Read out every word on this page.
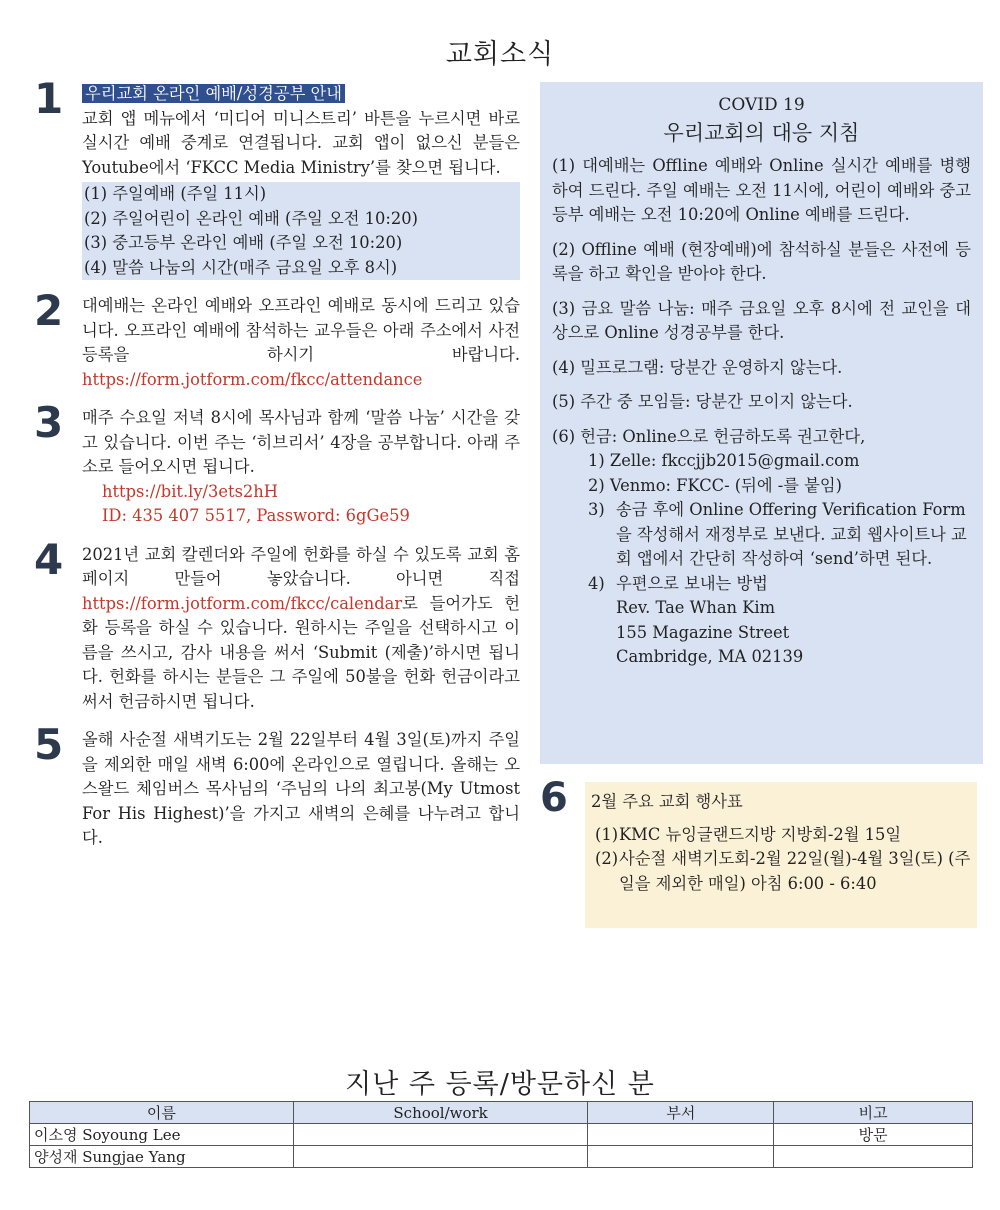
교회소식
1 우리교회 온라인 예배/성경공부 안내
교회 앱 메뉴에서 ‘미디어 미니스트리’ 바튼을 누르시면 바로 실시간 예배 중계로 연결됩니다. 교회 앱이 없으신 분들은 Youtube에서 ‘FKCC Media Ministry’를 찾으면 됩니다.
(1) 주일예배 (주일 11시)
(2) 주일어린이 온라인 예배 (주일 오전 10:20)
(3) 중고등부 온라인 예배 (주일 오전 10:20)
(4) 말씀 나눔의 시간(매주 금요일 오후 8시)
2 대예배는 온라인 예배와 오프라인 예배로 동시에 드리고 있습니다. 오프라인 예배에 참석하는 교우들은 아래 주소에서 사전 등록을 하시기 바랍니다. https://form.jotform.com/fkcc/attendance
3 매주 수요일 저녁 8시에 목사님과 함께 ‘말씀 나눔’ 시간을 갖고 있습니다. 이번 주는 ‘히브리서’ 4장을 공부합니다. 아래 주소로 들어오시면 됩니다.
https://bit.ly/3ets2hH
ID: 435 407 5517, Password: 6gGe59
4 2021년 교회 칼렌더와 주일에 헌화를 하실 수 있도록 교회 홈페이지 만들어 놓았습니다. 아니면 직접 https://form.jotform.com/fkcc/calendar로 들어가도 헌화 등록을 하실 수 있습니다. 원하시는 주일을 선택하시고 이름을 쓰시고, 감사 내용을 써서 ‘Submit (제출)’하시면 됩니다. 헌화를 하시는 분들은 그 주일에 50불을 헌화 헌금이라고 써서 헌금하시면 됩니다.
5 올해 사순절 새벽기도는 2월 22일부터 4월 3일(토)까지 주일을 제외한 매일 새벽 6:00에 온라인으로 열립니다. 올해는 오스왈드 체임버스 목사님의 ‘주님의 나의 최고봉(My Utmost For His Highest)’을 가지고 새벽의 은혜를 나누려고 합니다.
COVID 19
우리교회의 대응 지침

(1) 대예배는 Offline 예배와 Online 실시간 예배를 병행하여 드린다. 주일 예배는 오전 11시에, 어린이 예배와 중고등부 예배는 오전 10:20에 Online 예배를 드린다.

(2) Offline 예배 (현장예배)에 참석하실 분들은 사전에 등록을 하고 확인을 받아야 한다.

(3) 금요 말씀 나눔: 매주 금요일 오후 8시에 전 교인을 대상으로 Online 성경공부를 한다.

(4) 밀프로그램: 당분간 운영하지 않는다.

(5) 주간 중 모임들: 당분간 모이지 않는다.

(6) 헌금: Online으로 헌금하도록 권고한다,
1) Zelle: fkccjjb2015@gmail.com
2) Venmo: FKCC- (뒤에 -를 붙임)
3) 송금 후에 Online Offering Verification Form을 작성해서 재정부로 보낸다. 교회 웹사이트나 교회 앱에서 간단히 작성하여 ‘send’하면 된다.
4) 우편으로 보내는 방법
Rev. Tae Whan Kim
155 Magazine Street
Cambridge, MA 02139
6 2월 주요 교회 행사표
(1) KMC 뉴잉글랜드지방 지방회-2월 15일
(2) 사순절 새벽기도회-2월 22일(월)-4월 3일(토) (주일을 제외한 매일) 아침 6:00 - 6:40
지난 주 등록/방문하신 분
이름	School/work	부서	비고
이소영 Soyoung Lee			방문
양성재 Sungjae Yang			
